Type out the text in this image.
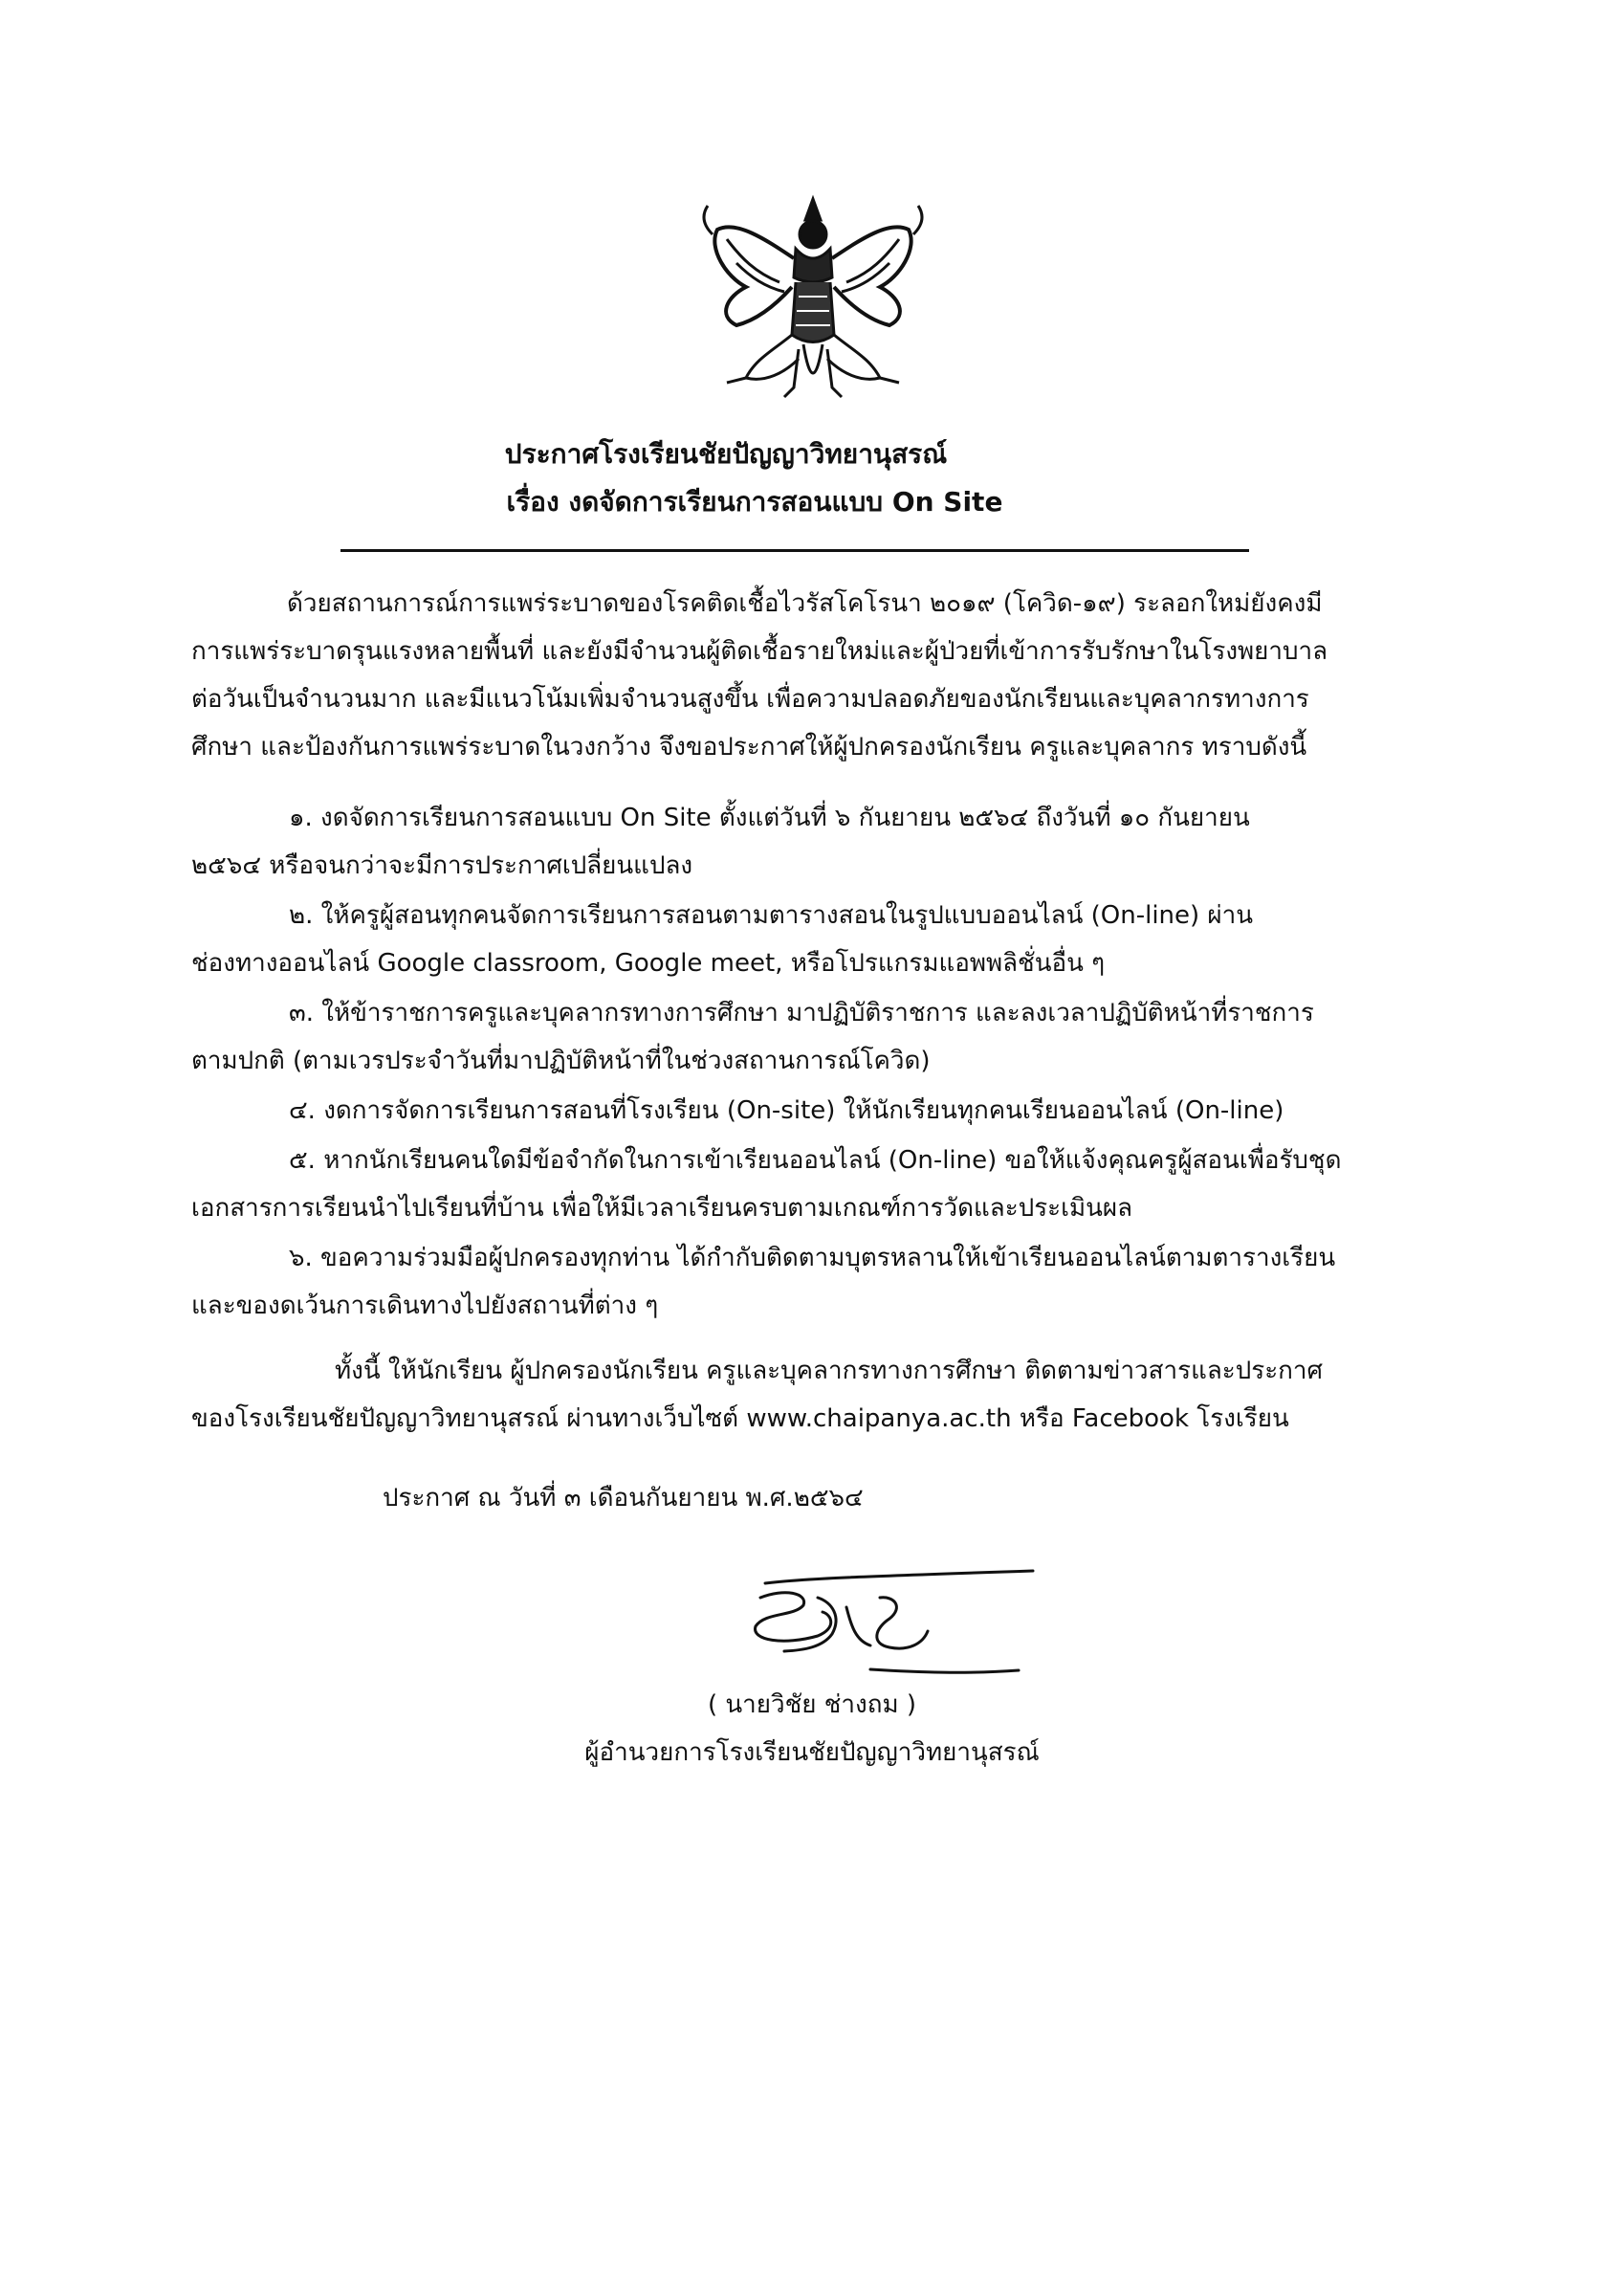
ประกาศโรงเรียนชัยปัญญาวิทยานุสรณ์
เรื่อง งดจัดการเรียนการสอนแบบ On Site
ด้วยสถานการณ์การแพร่ระบาดของโรคติดเชื้อไวรัสโคโรนา ๒๐๑๙ (โควิด-๑๙) ระลอกใหม่ยังคงมี
การแพร่ระบาดรุนแรงหลายพื้นที่ และยังมีจำนวนผู้ติดเชื้อรายใหม่และผู้ป่วยที่เข้าการรับรักษาในโรงพยาบาล
ต่อวันเป็นจำนวนมาก และมีแนวโน้มเพิ่มจำนวนสูงขึ้น เพื่อความปลอดภัยของนักเรียนและบุคลากรทางการ
ศึกษา และป้องกันการแพร่ระบาดในวงกว้าง จึงขอประกาศให้ผู้ปกครองนักเรียน ครูและบุคลากร ทราบดังนี้
๑. งดจัดการเรียนการสอนแบบ On Site ตั้งแต่วันที่ ๖ กันยายน ๒๕๖๔ ถึงวันที่ ๑๐ กันยายน
๒๕๖๔ หรือจนกว่าจะมีการประกาศเปลี่ยนแปลง
๒. ให้ครูผู้สอนทุกคนจัดการเรียนการสอนตามตารางสอนในรูปแบบออนไลน์ (On-line) ผ่าน
ช่องทางออนไลน์ Google classroom, Google meet, หรือโปรแกรมแอพพลิชั่นอื่น ๆ
๓. ให้ข้าราชการครูและบุคลากรทางการศึกษา มาปฏิบัติราชการ และลงเวลาปฏิบัติหน้าที่ราชการ
ตามปกติ (ตามเวรประจำวันที่มาปฏิบัติหน้าที่ในช่วงสถานการณ์โควิด)
๔. งดการจัดการเรียนการสอนที่โรงเรียน (On-site) ให้นักเรียนทุกคนเรียนออนไลน์ (On-line)
๕. หากนักเรียนคนใดมีข้อจำกัดในการเข้าเรียนออนไลน์ (On-line) ขอให้แจ้งคุณครูผู้สอนเพื่อรับชุด
เอกสารการเรียนนำไปเรียนที่บ้าน เพื่อให้มีเวลาเรียนครบตามเกณฑ์การวัดและประเมินผล
๖. ขอความร่วมมือผู้ปกครองทุกท่าน ได้กำกับติดตามบุตรหลานให้เข้าเรียนออนไลน์ตามตารางเรียน
และของดเว้นการเดินทางไปยังสถานที่ต่าง ๆ
ทั้งนี้ ให้นักเรียน ผู้ปกครองนักเรียน ครูและบุคลากรทางการศึกษา ติดตามข่าวสารและประกาศ
ของโรงเรียนชัยปัญญาวิทยานุสรณ์ ผ่านทางเว็บไซต์ www.chaipanya.ac.th หรือ Facebook โรงเรียน
ประกาศ ณ วันที่ ๓ เดือนกันยายน พ.ศ.๒๕๖๔
( นายวิชัย ช่างถม )
ผู้อำนวยการโรงเรียนชัยปัญญาวิทยานุสรณ์
